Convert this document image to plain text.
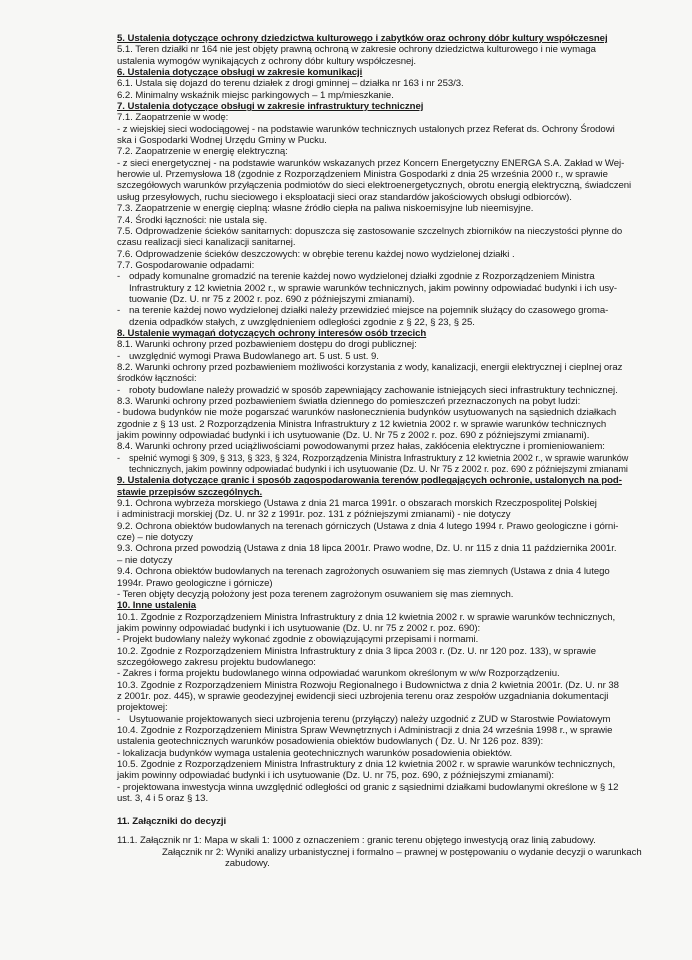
5. Ustalenia dotyczące ochrony dziedzictwa kulturowego i zabytków oraz ochrony dóbr kultury współczesnej
5.1. Teren działki nr 164 nie jest objęty prawną ochroną w zakresie ochrony dziedzictwa kulturowego i nie wymaga
ustalenia wymogów wynikających z ochrony dóbr kultury współczesnej.
6. Ustalenia dotyczące obsługi w zakresie komunikacji
6.1. Ustala się dojazd do terenu działek z drogi gminnej – działka nr 163 i nr 253/3.
6.2. Minimalny wskaźnik miejsc parkingowych – 1 mp/mieszkanie.
7. Ustalenia dotyczące obsługi w zakresie infrastruktury technicznej
7.1. Zaopatrzenie w wodę:
- z wiejskiej sieci wodociągowej - na podstawie warunków technicznych ustalonych przez Referat ds. Ochrony Środowi
ska i Gospodarki Wodnej Urzędu Gminy w Pucku.
7.2. Zaopatrzenie w energię elektryczną:
- z sieci energetycznej - na podstawie warunków wskazanych przez Koncern Energetyczny ENERGA S.A. Zakład w Wej-
herowie ul. Przemysłowa 18 (zgodnie z Rozporządzeniem Ministra Gospodarki z dnia 25 września 2000 r., w sprawie
szczegółowych warunków przyłączenia podmiotów do sieci elektroenergetycznych, obrotu energią elektryczną, świadczeni
usług przesyłowych, ruchu sieciowego i eksploatacji sieci oraz standardów jakościowych obsługi odbiorców).
7.3. Zaopatrzenie w energię cieplną: własne źródło ciepła na paliwa niskoemisyjne lub nieemisyjne.
7.4. Środki łączności: nie ustala się.
7.5. Odprowadzenie ścieków sanitarnych: dopuszcza się zastosowanie szczelnych zbiorników na nieczystości płynne do
czasu realizacji sieci kanalizacji sanitarnej.
7.6. Odprowadzenie ścieków deszczowych: w obrębie terenu każdej nowo wydzielonej działki .
7.7. Gospodarowanie odpadami:
- odpady komunalne gromadzić na terenie każdej nowo wydzielonej działki zgodnie z Rozporządzeniem Ministra
Infrastruktury z 12 kwietnia 2002 r., w sprawie warunków technicznych, jakim powinny odpowiadać budynki i ich usy-
tuowanie (Dz. U. nr 75 z 2002 r. poz. 690 z późniejszymi zmianami).
- na terenie każdej nowo wydzielonej działki należy przewidzieć miejsce na pojemnik służący do czasowego groma-
dzenia odpadków stałych, z uwzględnieniem odległości zgodnie z § 22, § 23, § 25.
8. Ustalenie wymagań dotyczących ochrony interesów osób trzecich
8.1. Warunki ochrony przed pozbawieniem dostępu do drogi publicznej:
- uwzględnić wymogi Prawa Budowlanego art. 5 ust. 5 ust. 9.
8.2. Warunki ochrony przed pozbawieniem możliwości korzystania z wody, kanalizacji, energii elektrycznej i cieplnej oraz
środków łączności:
- roboty budowlane należy prowadzić w sposób zapewniający zachowanie istniejących sieci infrastruktury technicznej.
8.3. Warunki ochrony przed pozbawieniem światła dziennego do pomieszczeń przeznaczonych na pobyt ludzi:
- budowa budynków nie może pogarszać warunków nasłonecznienia budynków usytuowanych na sąsiednich działkach
zgodnie z § 13 ust. 2 Rozporządzenia Ministra Infrastruktury z 12 kwietnia 2002 r. w sprawie warunków technicznych
jakim powinny odpowiadać budynki i ich usytuowanie (Dz. U. Nr 75 z 2002 r. poz. 690 z późniejszymi zmianami).
8.4. Warunki ochrony przed uciążliwościami powodowanymi przez hałas, zakłócenia elektryczne i promieniowaniem:
- spełnić wymogi § 309, § 313, § 323, § 324, Rozporządzenia Ministra Infrastruktury z 12 kwietnia 2002 r., w sprawie warunków
technicznych, jakim powinny odpowiadać budynki i ich usytuowanie (Dz. U. Nr 75 z 2002 r. poz. 690 z późniejszymi zmianami
9. Ustalenia dotyczące granic i sposób zagospodarowania terenów podlegających ochronie, ustalonych na pod-
stawie przepisów szczególnych.
9.1. Ochrona wybrzeża morskiego (Ustawa z dnia 21 marca 1991r. o obszarach morskich Rzeczpospolitej Polskiej
i administracji morskiej (Dz. U. nr 32 z 1991r. poz. 131 z późniejszymi zmianami) - nie dotyczy
9.2. Ochrona obiektów budowlanych na terenach górniczych (Ustawa z dnia 4 lutego 1994 r. Prawo geologiczne i górni-
cze) – nie dotyczy
9.3. Ochrona przed powodzią (Ustawa z dnia 18 lipca 2001r. Prawo wodne, Dz. U. nr 115 z dnia 11 października 2001r.
– nie dotyczy
9.4. Ochrona obiektów budowlanych na terenach zagrożonych osuwaniem się mas ziemnych (Ustawa z dnia 4 lutego
1994r. Prawo geologiczne i górnicze)
- Teren objęty decyzją położony jest poza terenem zagrożonym osuwaniem się mas ziemnych.
10. Inne ustalenia
10.1. Zgodnie z Rozporządzeniem Ministra Infrastruktury z dnia 12 kwietnia 2002 r. w sprawie warunków technicznych,
jakim powinny odpowiadać budynki i ich usytuowanie (Dz. U. nr 75 z 2002 r. poz. 690):
- Projekt budowlany należy wykonać zgodnie z obowiązującymi przepisami i normami.
10.2. Zgodnie z Rozporządzeniem Ministra Infrastruktury z dnia 3 lipca 2003 r. (Dz. U. nr 120 poz. 133), w sprawie
szczegółowego zakresu projektu budowlanego:
- Zakres i forma projektu budowlanego winna odpowiadać warunkom określonym w w/w Rozporządzeniu.
10.3. Zgodnie z Rozporządzeniem Ministra Rozwoju Regionalnego i Budownictwa z dnia 2 kwietnia 2001r. (Dz. U. nr 38
z 2001r. poz. 445), w sprawie geodezyjnej ewidencji sieci uzbrojenia terenu oraz zespołów uzgadniania dokumentacji
projektowej:
- Usytuowanie projektowanych sieci uzbrojenia terenu (przyłączy) należy uzgodnić z ZUD w Starostwie Powiatowym
10.4. Zgodnie z Rozporządzeniem Ministra Spraw Wewnętrznych i Administracji z dnia 24 września 1998 r., w sprawie
ustalenia geotechnicznych warunków posadowienia obiektów budowlanych ( Dz. U. Nr 126 poz. 839):
- lokalizacja budynków wymaga ustalenia geotechnicznych warunków posadowienia obiektów.
10.5. Zgodnie z Rozporządzeniem Ministra Infrastruktury z dnia 12 kwietnia 2002 r. w sprawie warunków technicznych,
jakim powinny odpowiadać budynki i ich usytuowanie (Dz. U. nr 75, poz. 690, z późniejszymi zmianami):
- projektowana inwestycja winna uwzględnić odległości od granic z sąsiednimi działkami budowlanymi określone w § 12
ust. 3, 4 i 5 oraz § 13.
11. Załączniki do decyzji
11.1. Załącznik nr 1: Mapa w skali 1: 1000 z oznaczeniem : granic terenu objętego inwestycją oraz linią zabudowy.
Załącznik nr 2: Wyniki analizy urbanistycznej i formalno – prawnej w postępowaniu o wydanie decyzji o warunkach
zabudowy.
